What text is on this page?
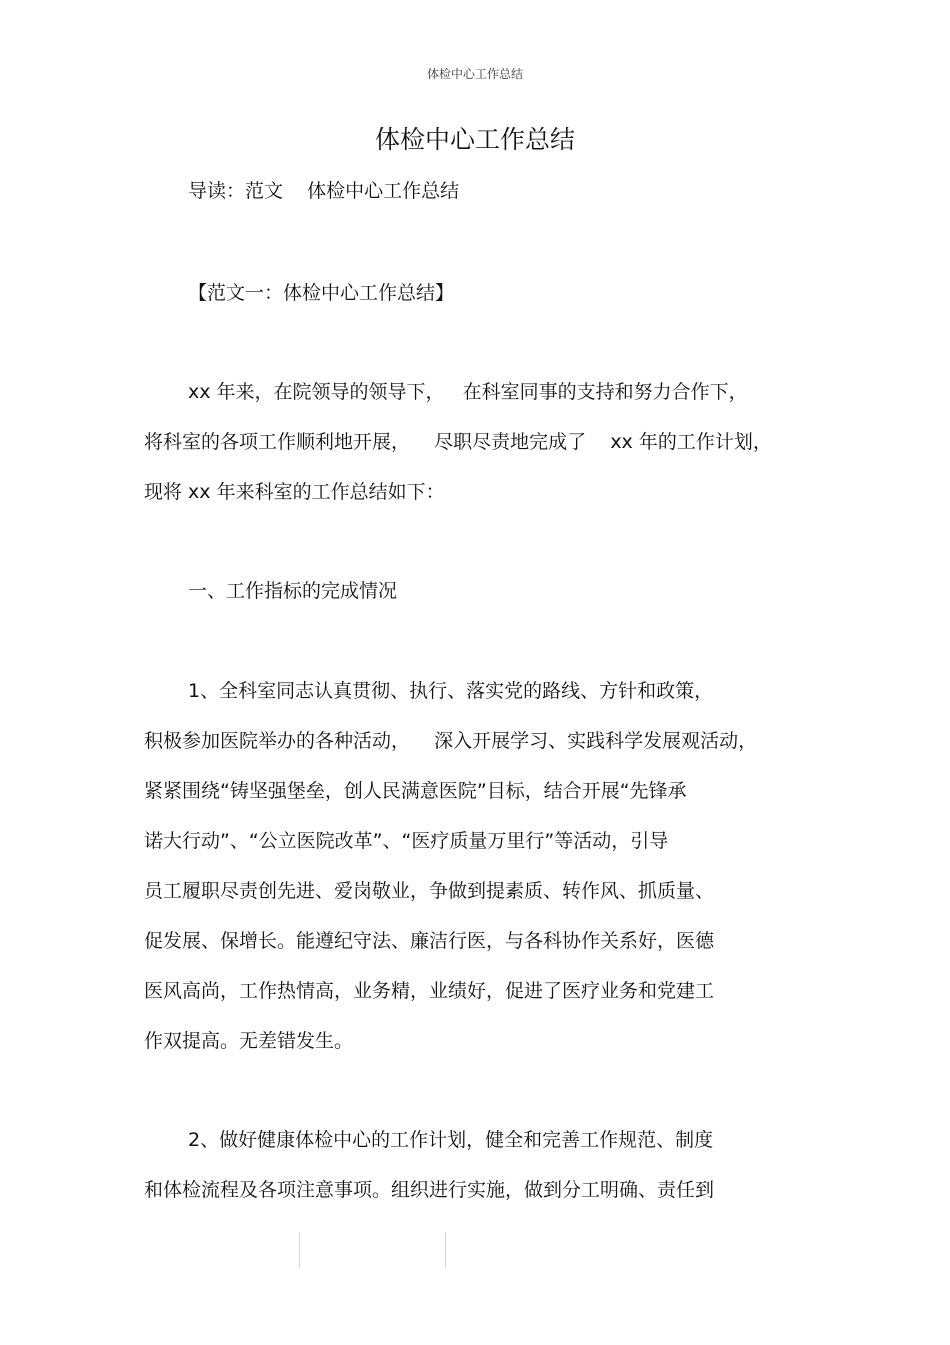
体检中心工作总结
体检中心工作总结
导读：范文    体检中心工作总结
【范文一：体检中心工作总结】
xx 年来，在院领导的领导下，   在科室同事的支持和努力合作下，
将科室的各项工作顺利地开展，    尽职尽责地完成了    xx 年的工作计划，
现将 xx 年来科室的工作总结如下：
一、工作指标的完成情况
1、全科室同志认真贯彻、执行、落实党的路线、方针和政策，
积极参加医院举办的各种活动，    深入开展学习、实践科学发展观活动，
紧紧围绕“铸坚强堡垒，创人民满意医院”目标，结合开展“先锋承
诺大行动”、“公立医院改革”、“医疗质量万里行”等活动，引导
员工履职尽责创先进、爱岗敬业，争做到提素质、转作风、抓质量、
促发展、保增长。能遵纪守法、廉洁行医，与各科协作关系好，医德
医风高尚，工作热情高，业务精，业绩好，促进了医疗业务和党建工
作双提高。无差错发生。
2、做好健康体检中心的工作计划，健全和完善工作规范、制度
和体检流程及各项注意事项。组织进行实施，做到分工明确、责任到
